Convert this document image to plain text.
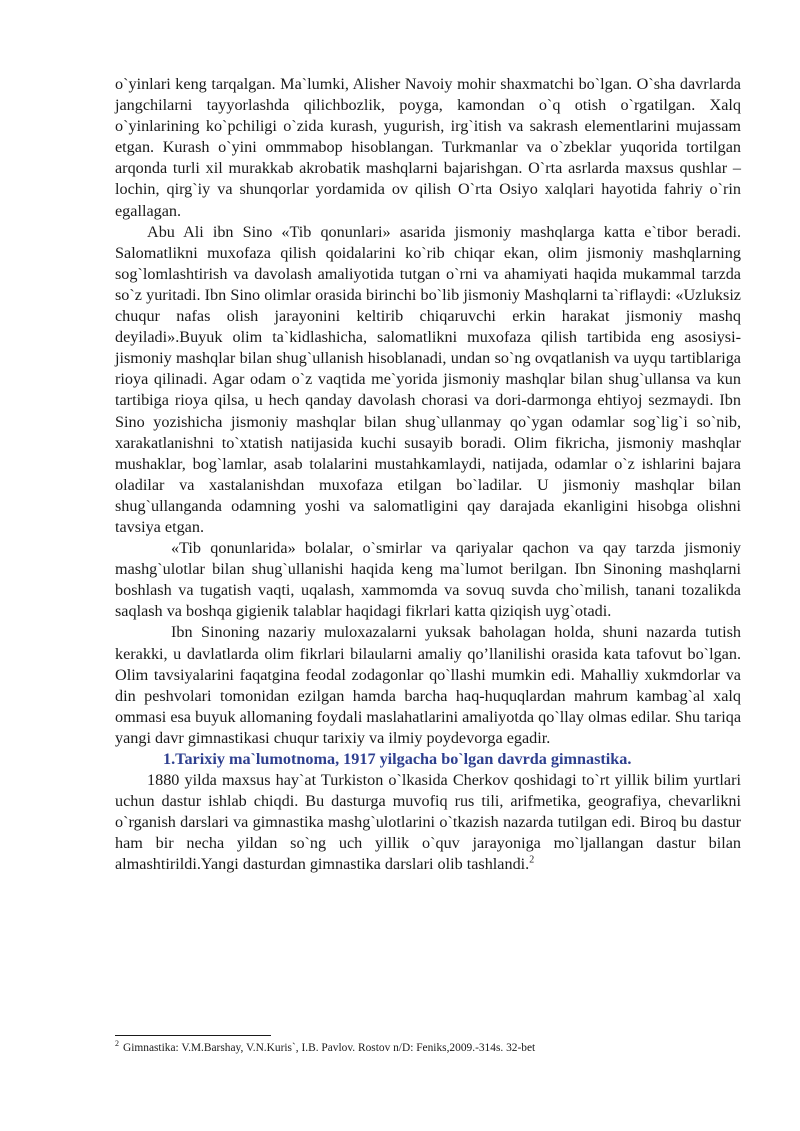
o`yinlari keng tarqalgan. Ma`lumki, Alisher Navoiy mohir shaxmatchi bo`lgan. O`sha davrlarda jangchilarni tayyorlashda qilichbozlik, poyga, kamondan o`q otish o`rgatilgan. Xalq o`yinlarining ko`pchiligi o`zida kurash, yugurish, irg`itish va sakrash elementlarini mujassam etgan. Kurash o`yini ommmabop hisoblangan. Turkmanlar va o`zbeklar yuqorida tortilgan arqonda turli xil murakkab akrobatik mashqlarni bajarishgan. O`rta asrlarda maxsus qushlar – lochin, qirg`iy va shunqorlar yordamida ov qilish O`rta Osiyo xalqlari hayotida fahriy o`rin egallagan.

Abu Ali ibn Sino «Tib qonunlari» asarida jismoniy mashqlarga katta e`tibor beradi. Salomatlikni muxofaza qilish qoidalarini ko`rib chiqar ekan, olim jismoniy mashqlarning sog`lomlashtirish va davolash amaliyotida tutgan o`rni va ahamiyati haqida mukammal tarzda so`z yuritadi. Ibn Sino olimlar orasida birinchi bo`lib jismoniy Mashqlarni ta`riflaydi: «Uzluksiz chuqur nafas olish jarayonini keltirib chiqaruvchi erkin harakat jismoniy mashq deyiladi».Buyuk olim ta`kidlashicha, salomatlikni muxofaza qilish tartibida eng asosiysi-jismoniy mashqlar bilan shug`ullanish hisoblanadi, undan so`ng ovqatlanish va uyqu tartiblariga rioya qilinadi. Agar odam o`z vaqtida me`yorida jismoniy mashqlar bilan shug`ullansa va kun tartibiga rioya qilsa, u hech qanday davolash chorasi va dori-darmonga ehtiyoj sezmaydi. Ibn Sino yozishicha jismoniy mashqlar bilan shug`ullanmay qo`ygan odamlar sog`lig`i so`nib, xarakatlanishni to`xtatish natijasida kuchi susayib boradi. Olim fikricha, jismoniy mashqlar mushaklar, bog`lamlar, asab tolalarini mustahkamlaydi, natijada, odamlar o`z ishlarini bajara oladilar va xastalanishdan muxofaza etilgan bo`ladilar. U jismoniy mashqlar bilan shug`ullanganda odamning yoshi va salomatligini qay darajada ekanligini hisobga olishni tavsiya etgan.

«Tib qonunlarida» bolalar, o`smirlar va qariyalar qachon va qay tarzda jismoniy mashg`ulotlar bilan shug`ullanishi haqida keng ma`lumot berilgan. Ibn Sinoning mashqlarni boshlash va tugatish vaqti, uqalash, xammomda va sovuq suvda cho`milish, tanani tozalikda saqlash va boshqa gigienik talablar haqidagi fikrlari katta qiziqish uyg`otadi.

Ibn Sinoning nazariy muloxazalarni yuksak baholagan holda, shuni nazarda tutish kerakki, u davlatlarda olim fikrlari bilaularni amaliy qo’llanilishi orasida kata tafovut bo`lgan. Olim tavsiyalarini faqatgina feodal zodagonlar qo`llashi mumkin edi. Mahalliy xukmdorlar va din peshvolari tomonidan ezilgan hamda barcha haq-huquqlardan mahrum kambag`al xalq ommasi esa buyuk allomaning foydali maslahatlarini amaliyotda qo`llay olmas edilar. Shu tariqa yangi davr gimnastikasi chuqur tarixiy va ilmiy poydevorga egadir.

1.Tarixiy ma`lumotnoma, 1917 yilgacha bo`lgan davrda gimnastika.

1880 yilda maxsus hay`at Turkiston o`lkasida Cherkov qoshidagi to`rt yillik bilim yurtlari uchun dastur ishlab chiqdi. Bu dasturga muvofiq rus tili, arifmetika, geografiya, chevarlikni o`rganish darslari va gimnastika mashg`ulotlarini o`tkazish nazarda tutilgan edi. Biroq bu dastur ham bir necha yildan so`ng uch yillik o`quv jarayoniga mo`ljallangan dastur bilan almashtirildi.Yangi dasturdan gimnastika darslari olib tashlandi.$^2$

$^2$ Gimnastika: V.M.Barshay, V.N.Kuris`, I.B. Pavlov. Rostov n/D: Feniks,2009.-314s. 32-bet
